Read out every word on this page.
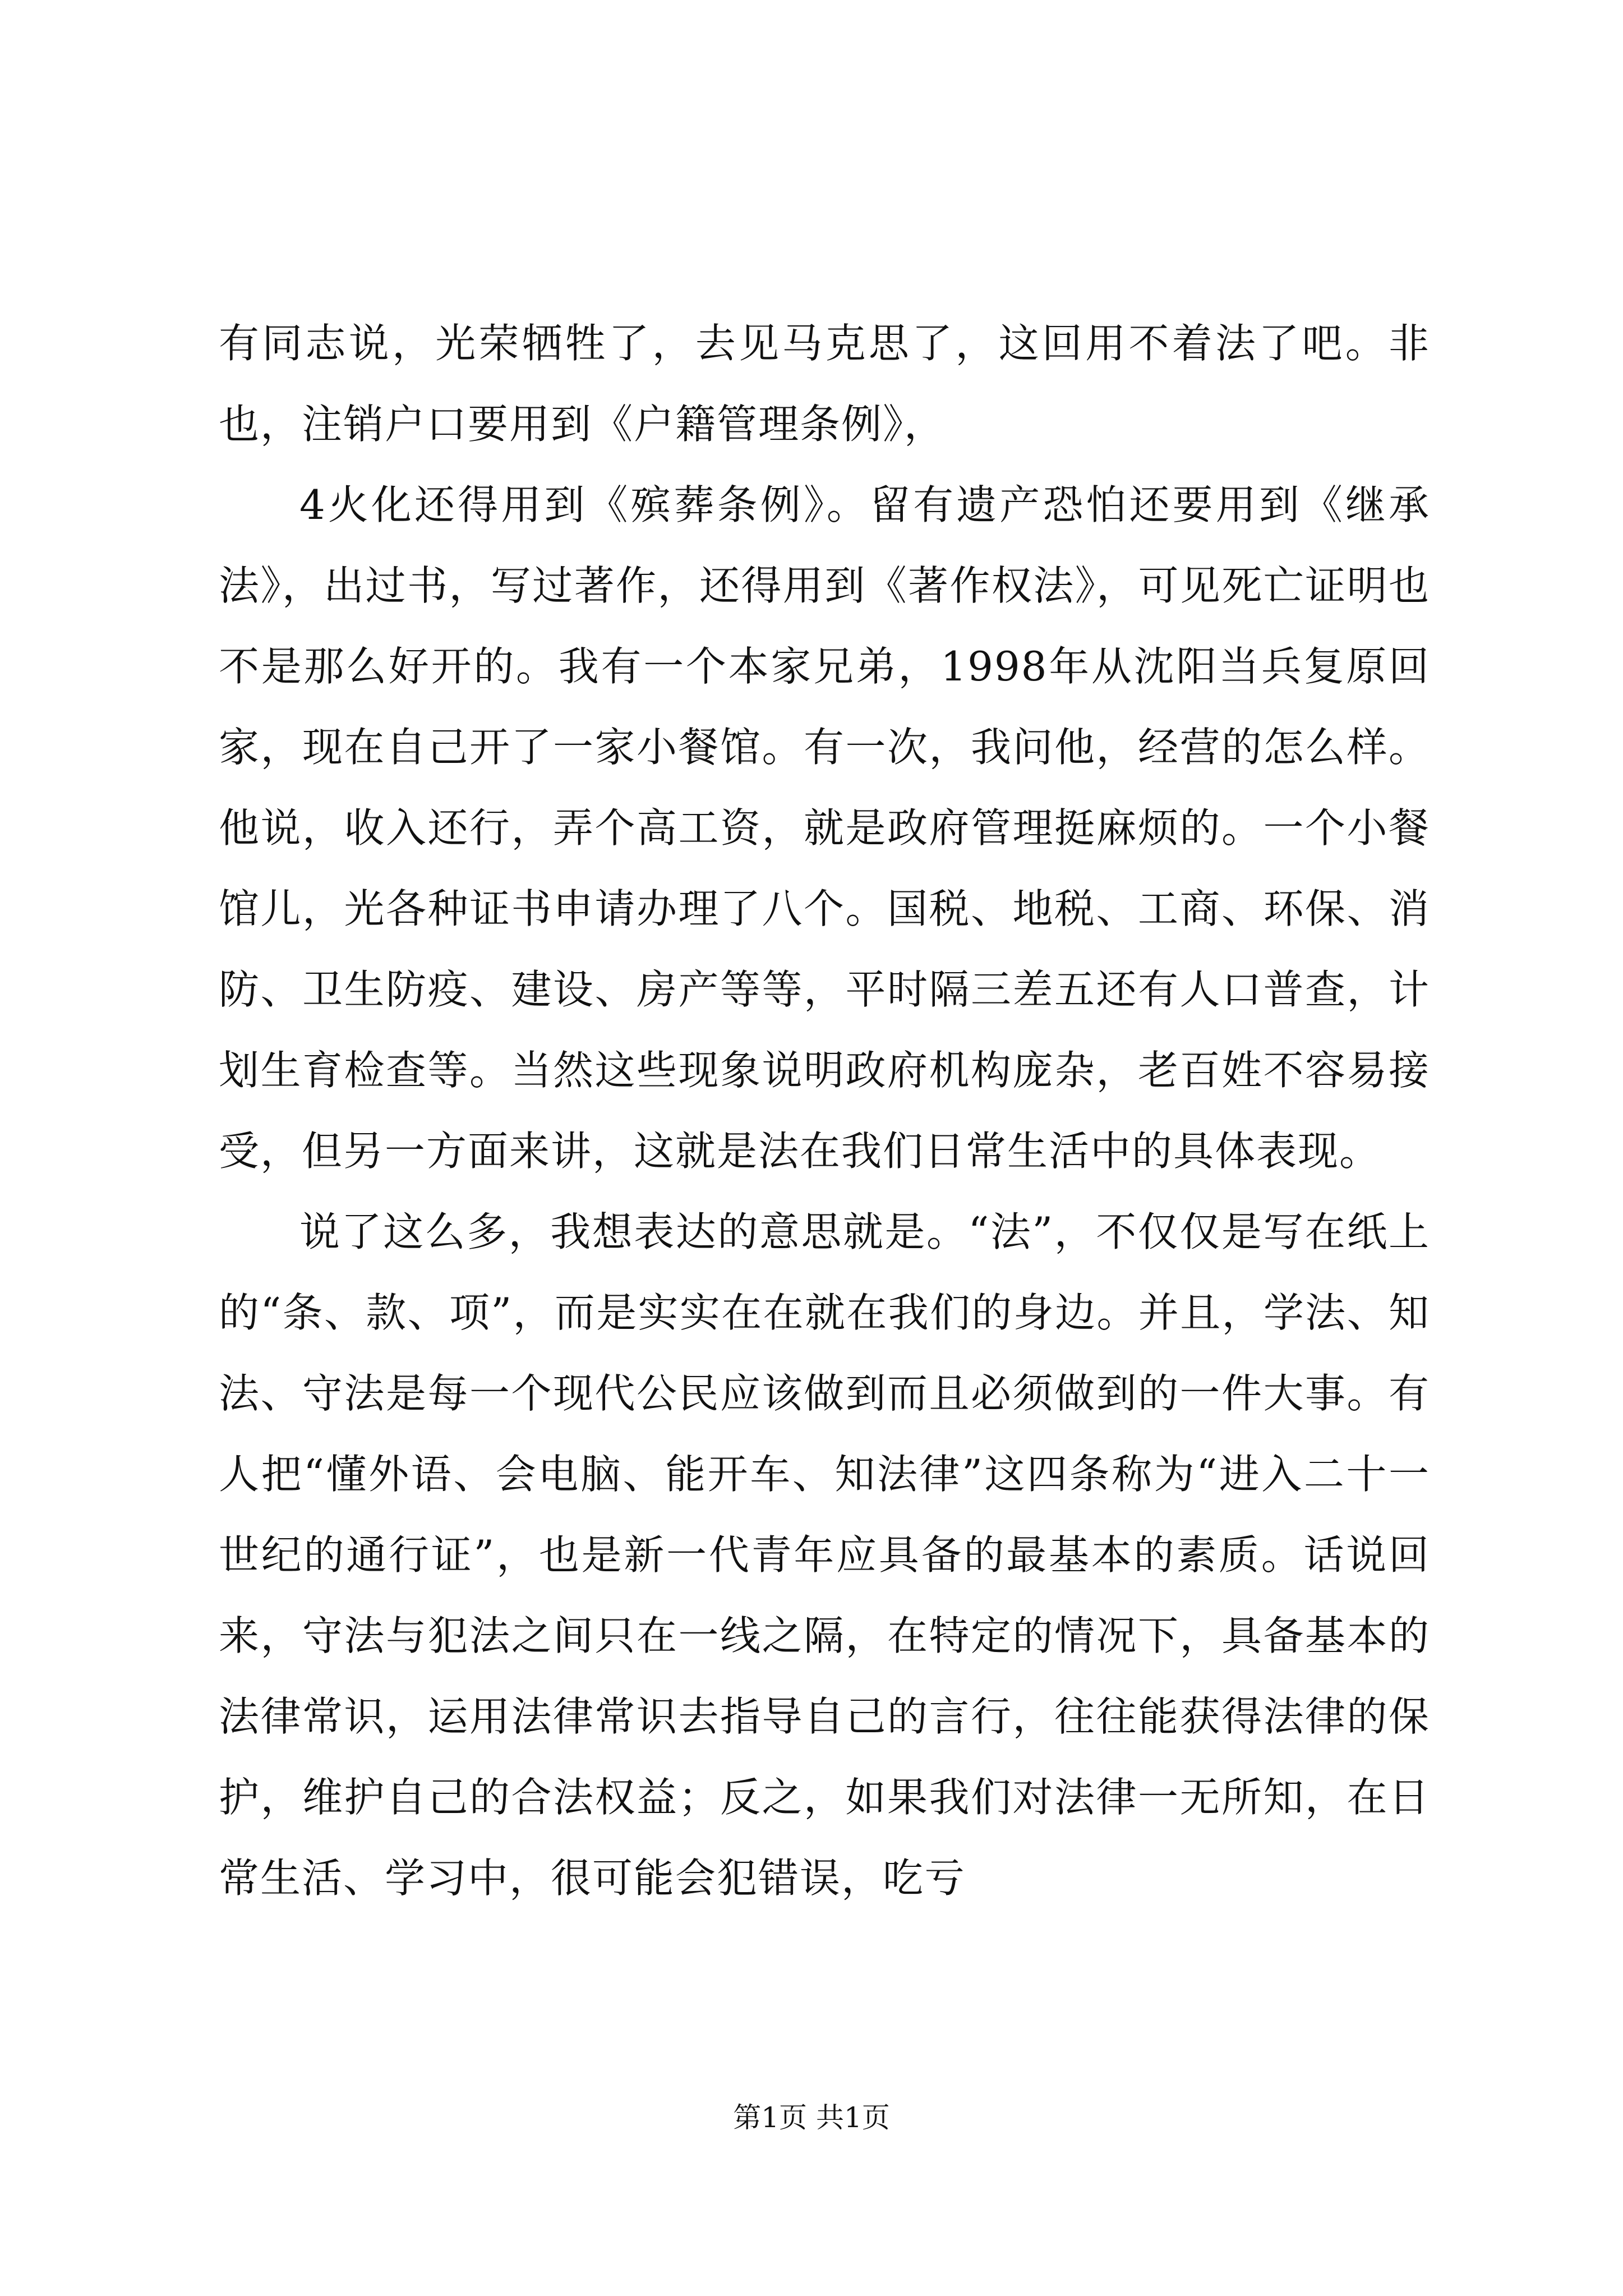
有同志说，光荣牺牲了，去见马克思了，这回用不着法了吧。非也，注销户口要用到《户籍管理条例》，

4火化还得用到《殡葬条例》。留有遗产恐怕还要用到《继承法》，出过书，写过著作，还得用到《著作权法》，可见死亡证明也不是那么好开的。我有一个本家兄弟，1998年从沈阳当兵复原回家，现在自己开了一家小餐馆。有一次，我问他，经营的怎么样。他说，收入还行，弄个高工资，就是政府管理挺麻烦的。一个小餐馆儿，光各种证书申请办理了八个。国税、地税、工商、环保、消防、卫生防疫、建设、房产等等，平时隔三差五还有人口普查，计划生育检查等。当然这些现象说明政府机构庞杂，老百姓不容易接受，但另一方面来讲，这就是法在我们日常生活中的具体表现。

说了这么多，我想表达的意思就是。“法”，不仅仅是写在纸上的“条、款、项”，而是实实在在就在我们的身边。并且，学法、知法、守法是每一个现代公民应该做到而且必须做到的一件大事。有人把“懂外语、会电脑、能开车、知法律”这四条称为“进入二十一世纪的通行证”，也是新一代青年应具备的最基本的素质。话说回来，守法与犯法之间只在一线之隔，在特定的情况下，具备基本的法律常识，运用法律常识去指导自己的言行，往往能获得法律的保护，维护自己的合法权益；反之，如果我们对法律一无所知，在日常生活、学习中，很可能会犯错误，吃亏

第1页 共1页
